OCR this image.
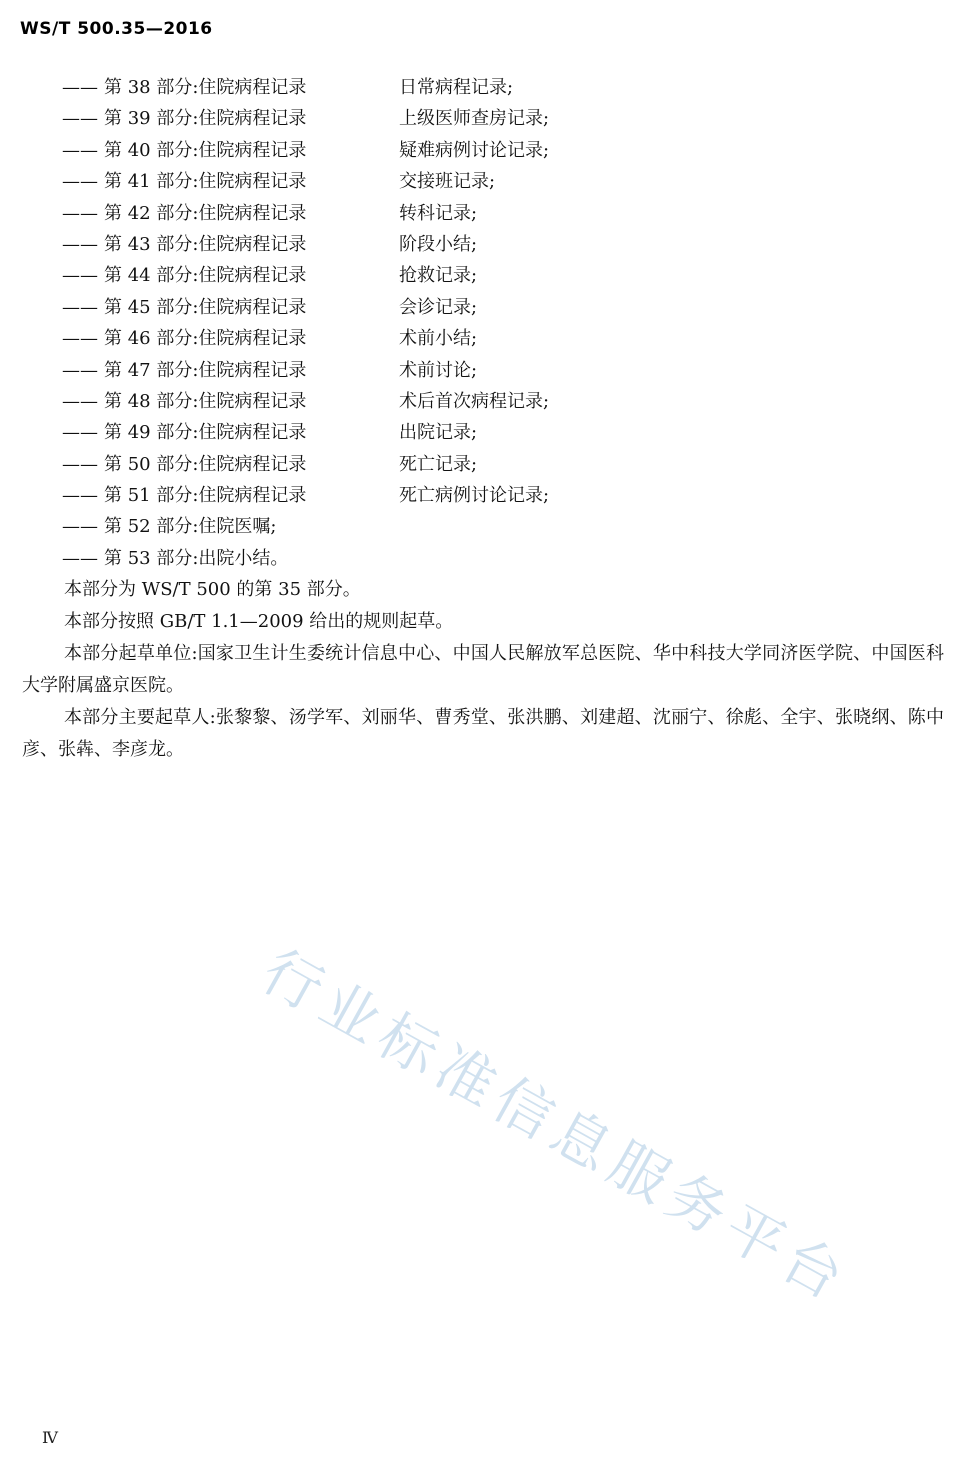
WS/T 500.35—2016
—— 第 38 部分:住院病程记录	日常病程记录;
—— 第 39 部分:住院病程记录	上级医师查房记录;
—— 第 40 部分:住院病程记录	疑难病例讨论记录;
—— 第 41 部分:住院病程记录	交接班记录;
—— 第 42 部分:住院病程记录	转科记录;
—— 第 43 部分:住院病程记录	阶段小结;
—— 第 44 部分:住院病程记录	抢救记录;
—— 第 45 部分:住院病程记录	会诊记录;
—— 第 46 部分:住院病程记录	术前小结;
—— 第 47 部分:住院病程记录	术前讨论;
—— 第 48 部分:住院病程记录	术后首次病程记录;
—— 第 49 部分:住院病程记录	出院记录;
—— 第 50 部分:住院病程记录	死亡记录;
—— 第 51 部分:住院病程记录	死亡病例讨论记录;
—— 第 52 部分:住院医嘱;
—— 第 53 部分:出院小结。

本部分为 WS/T 500 的第 35 部分。

本部分按照 GB/T 1.1—2009 给出的规则起草。

本部分起草单位:国家卫生计生委统计信息中心、中国人民解放军总医院、华中科技大学同济医学院、中国医科大学附属盛京医院。

本部分主要起草人:张黎黎、汤学军、刘丽华、曹秀堂、张洪鹏、刘建超、沈丽宁、徐彪、全宇、张晓纲、陈中彦、张犇、李彦龙。

行业标准信息服务平台
Ⅳ
